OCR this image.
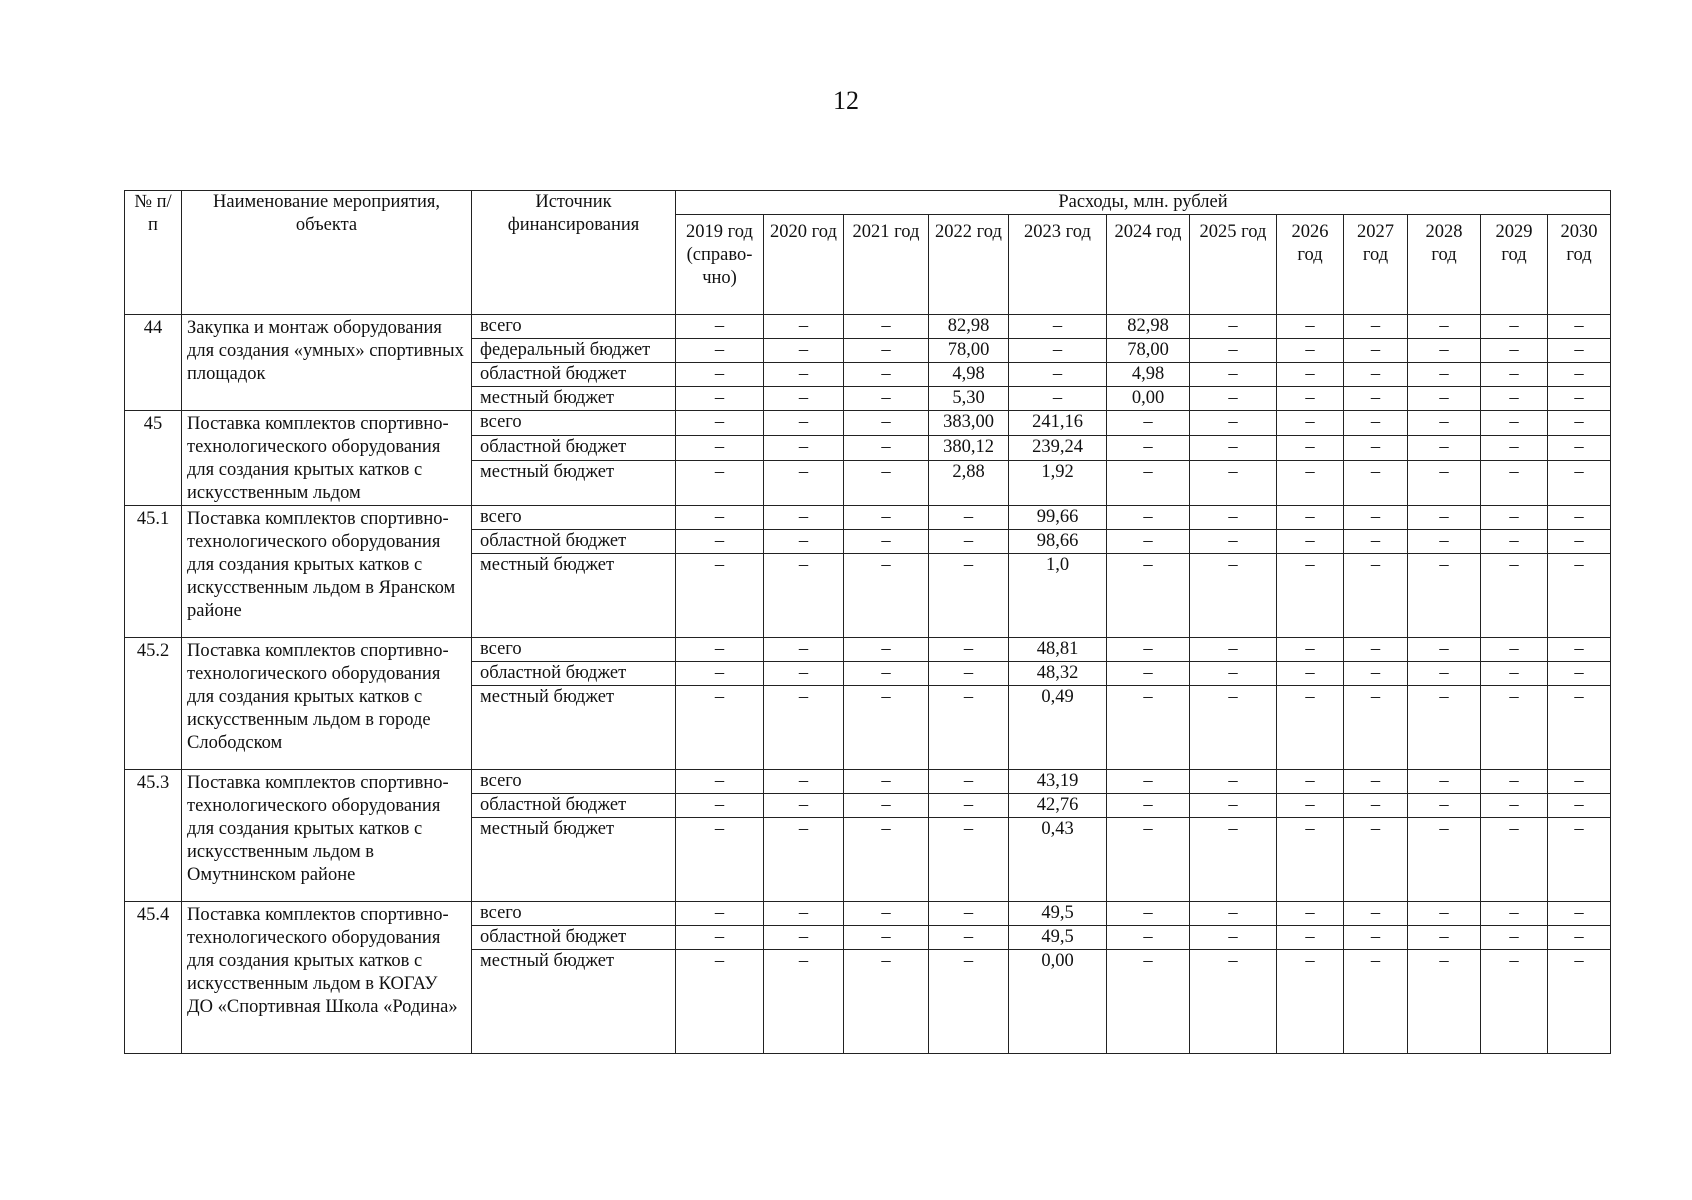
12
№ п/п	Наименование мероприятия, объекта	Источник финансирования	Расходы, млн. рублей											
			2019 год (справо-чно)	2020 год	2021 год	2022 год	2023 год	2024 год	2025 год	2026 год	2027 год	2028 год	2029 год	2030 год
44	Закупка и монтаж оборудования для создания «умных» спортивных площадок	всего	–	–	–	82,98	–	82,98	–	–	–	–	–	–
		федеральный бюджет	–	–	–	78,00	–	78,00	–	–	–	–	–	–
		областной бюджет	–	–	–	4,98	–	4,98	–	–	–	–	–	–
		местный бюджет	–	–	–	5,30	–	0,00	–	–	–	–	–	–
45	Поставка комплектов спортивно-технологического оборудования для создания крытых катков с искусственным льдом	всего	–	–	–	383,00	241,16	–	–	–	–	–	–	–
		областной бюджет	–	–	–	380,12	239,24	–	–	–	–	–	–	–
		местный бюджет	–	–	–	2,88	1,92	–	–	–	–	–	–	–
45.1	Поставка комплектов спортивно-технологического оборудования для создания крытых катков с искусственным льдом в Яранском районе	всего	–	–	–	–	99,66	–	–	–	–	–	–	–
		областной бюджет	–	–	–	–	98,66	–	–	–	–	–	–	–
		местный бюджет	–	–	–	–	1,0	–	–	–	–	–	–	–
45.2	Поставка комплектов спортивно-технологического оборудования для создания крытых катков с искусственным льдом в городе Слободском	всего	–	–	–	–	48,81	–	–	–	–	–	–	–
		областной бюджет	–	–	–	–	48,32	–	–	–	–	–	–	–
		местный бюджет	–	–	–	–	0,49	–	–	–	–	–	–	–
45.3	Поставка комплектов спортивно-технологического оборудования для создания крытых катков с искусственным льдом в Омутнинском районе	всего	–	–	–	–	43,19	–	–	–	–	–	–	–
		областной бюджет	–	–	–	–	42,76	–	–	–	–	–	–	–
		местный бюджет	–	–	–	–	0,43	–	–	–	–	–	–	–
45.4	Поставка комплектов спортивно-технологического оборудования для создания крытых катков с искусственным льдом в КОГАУ ДО «Спортивная Школа «Родина»	всего	–	–	–	–	49,5	–	–	–	–	–	–	–
		областной бюджет	–	–	–	–	49,5	–	–	–	–	–	–	–
		местный бюджет	–	–	–	–	0,00	–	–	–	–	–	–	–
